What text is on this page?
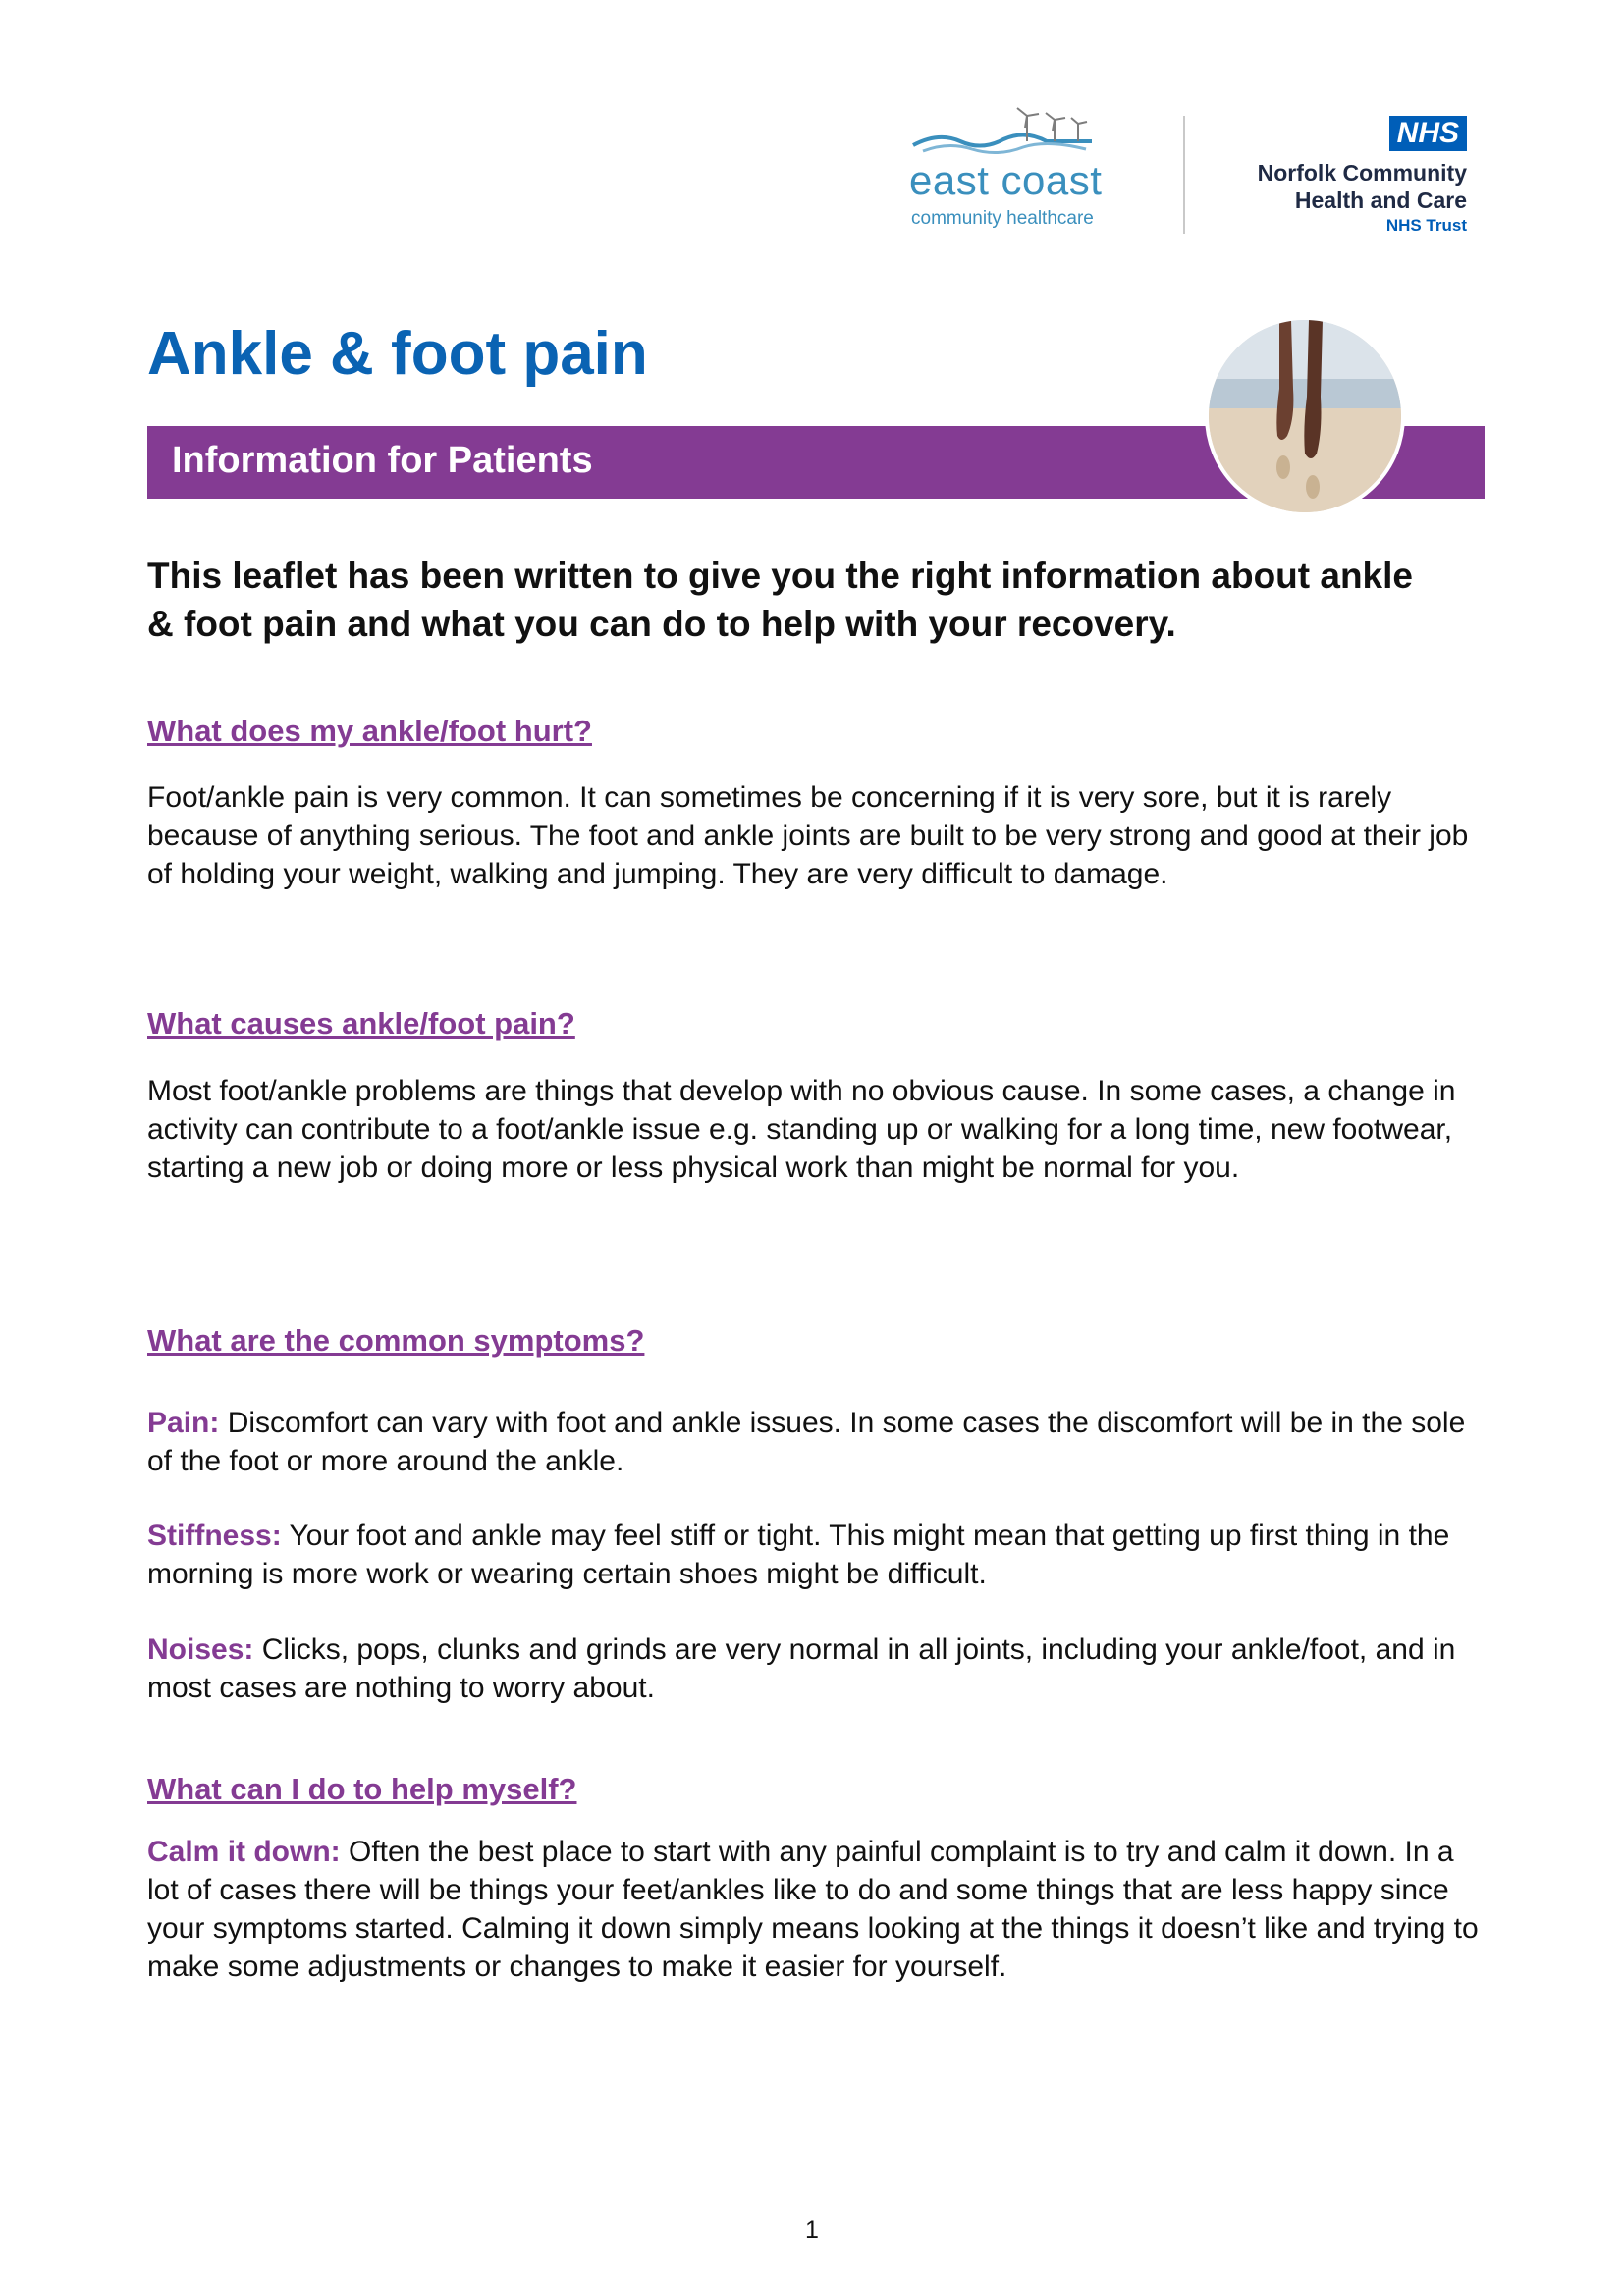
east coast
community healthcare
NHS
Norfolk Community
Health and Care
NHS Trust
Ankle & foot pain
Information for Patients

This leaflet has been written to give you the right information about ankle & foot pain and what you can do to help with your recovery.

What does my ankle/foot hurt?

Foot/ankle pain is very common. It can sometimes be concerning if it is very sore, but it is rarely because of anything serious. The foot and ankle joints are built to be very strong and good at their job of holding your weight, walking and jumping. They are very difficult to damage.

What causes ankle/foot pain?

Most foot/ankle problems are things that develop with no obvious cause. In some cases, a change in activity can contribute to a foot/ankle issue e.g. standing up or walking for a long time, new footwear, starting a new job or doing more or less physical work than might be normal for you.

What are the common symptoms?

Pain: Discomfort can vary with foot and ankle issues. In some cases the discomfort will be in the sole of the foot or more around the ankle.

Stiffness: Your foot and ankle may feel stiff or tight. This might mean that getting up first thing in the morning is more work or wearing certain shoes might be difficult.

Noises: Clicks, pops, clunks and grinds are very normal in all joints, including your ankle/foot, and in most cases are nothing to worry about.

What can I do to help myself?

Calm it down: Often the best place to start with any painful complaint is to try and calm it down. In a lot of cases there will be things your feet/ankles like to do and some things that are less happy since your symptoms started. Calming it down simply means looking at the things it doesn’t like and trying to make some adjustments or changes to make it easier for yourself.

1
